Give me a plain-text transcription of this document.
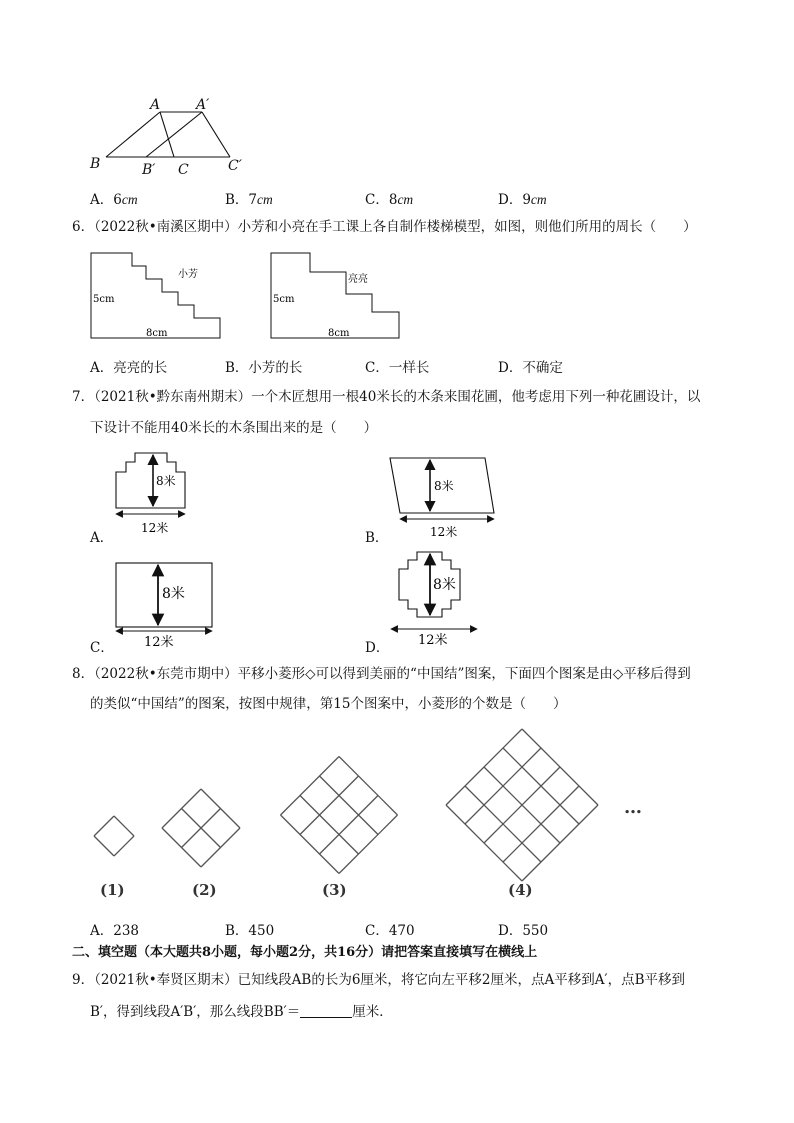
A	A′
B	B′ C	C′
A．6cm	B．7cm	C．8cm	D．9cm
6．（2022秋•南溪区期中）小芳和小亮在手工课上各自制作楼梯模型，如图，则他们所用的周长（　　）
小芳
5cm
8cm
亮亮
5cm
8cm
A．亮亮的长	B．小芳的长	C．一样长	D．不确定
7．（2021秋•黔东南州期末）一个木匠想用一根40米长的木条来围花圃，他考虑用下列一种花圃设计，以
下设计不能用40米长的木条围出来的是（　　）
8米
12米
A．
8米
12米
B．
8米
12米
C．
8米
12米
D．
8．（2022秋•东莞市期中）平移小菱形◇可以得到美丽的“中国结”图案，下面四个图案是由◇平移后得到
的类似“中国结”的图案，按图中规律，第15个图案中，小菱形的个数是（　　）
(1)	(2)	(3)	(4)
…
A．238	B．450	C．470	D．550
二、填空题（本大题共8小题，每小题2分，共16分）请把答案直接填写在横线上
9．（2021秋•奉贤区期末）已知线段AB的长为6厘米，将它向左平移2厘米，点A平移到A′，点B平移到
B′，得到线段A′B′，那么线段BB′＝	厘米．
